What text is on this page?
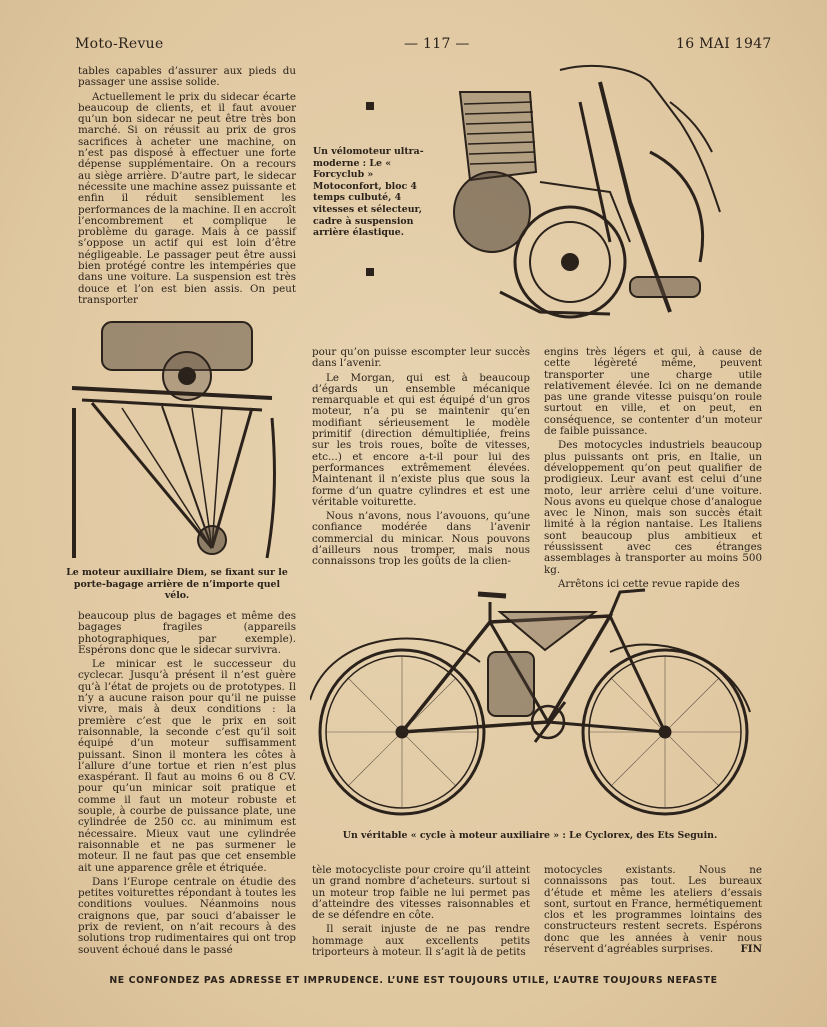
Moto-Revue	— 117 —	16 MAI 1947

tables capables d’assurer aux pieds du passager une assise solide.

Actuellement le prix du sidecar écarte beaucoup de clients, et il faut avouer qu’un bon sidecar ne peut être très bon marché. Si on réussit au prix de gros sacrifices à acheter une machine, on n’est pas disposé à effectuer une forte dépense supplémentaire. On a recours au siège arrière. D’autre part, le sidecar nécessite une machine assez puissante et enfin il réduit sensiblement les performances de la machine. Il en accroît l’encombrement et complique le problème du garage. Mais à ce passif s’oppose un actif qui est loin d’être négligeable. Le passager peut être aussi bien protégé contre les intempéries que dans une voiture. La suspension est très douce et l’on est bien assis. On peut transporter

Un vélomoteur ultra-moderne : Le « Forcyclub » Motoconfort, bloc 4 temps culbuté, 4 vitesses et sélecteur, cadre à suspension arrière élastique.
Le moteur auxiliaire Diem, se fixant sur le porte-bagage arrière de n’importe quel vélo.

pour qu’on puisse escompter leur succès dans l’avenir.

Le Morgan, qui est à beaucoup d’égards un ensemble mécanique remarquable et qui est équipé d’un gros moteur, n’a pu se maintenir qu’en modifiant sérieusement le modèle primitif (direction démultipliée, freins sur les trois roues, boîte de vitesses, etc...) et encore a-t-il pour lui des performances extrêmement élevées. Maintenant il n’existe plus que sous la forme d’un quatre cylindres et est une véritable voiturette.

Nous n’avons, nous l’avouons, qu’une confiance modérée dans l’avenir commercial du minicar. Nous pouvons d’ailleurs nous tromper, mais nous connaissons trop les goûts de la clien-

engins très légers et qui, à cause de cette légèreté même, peuvent transporter une charge utile relativement élevée. Ici on ne demande pas une grande vitesse puisqu’on roule surtout en ville, et on peut, en conséquence, se contenter d’un moteur de faible puissance.

Des motocycles industriels beaucoup plus puissants ont pris, en Italie, un développement qu’on peut qualifier de prodigieux. Leur avant est celui d’une moto, leur arrière celui d’une voiture. Nous avons eu quelque chose d’analogue avec le Ninon, mais son succès était limité à la région nantaise. Les Italiens sont beaucoup plus ambitieux et réussissent avec ces étranges assemblages à transporter au moins 500 kg.

Arrêtons ici cette revue rapide des

beaucoup plus de bagages et même des bagages fragiles (appareils photographiques, par exemple). Espérons donc que le sidecar survivra.

Le minicar est le successeur du cyclecar. Jusqu’à présent il n’est guère qu’à l’état de projets ou de prototypes. Il n’y a aucune raison pour qu’il ne puisse vivre, mais à deux conditions : la première c’est que le prix en soit raisonnable, la seconde c’est qu’il soit équipé d’un moteur suffisamment puissant. Sinon il montera les côtes à l’allure d’une tortue et rien n’est plus exaspérant. Il faut au moins 6 ou 8 CV. pour qu’un minicar soit pratique et comme il faut un moteur robuste et souple, à courbe de puissance plate, une cylindrée de 250 cc. au minimum est nécessaire. Mieux vaut une cylindrée raisonnable et ne pas surmener le moteur. Il ne faut pas que cet ensemble ait une apparence grêle et étriquée.

Dans l’Europe centrale on étudie des petites voiturettes répondant à toutes les conditions voulues. Néanmoins nous craignons que, par souci d’abaisser le prix de revient, on n’ait recours à des solutions trop rudimentaires qui ont trop souvent échoué dans le passé

Un véritable « cycle à moteur auxiliaire » : Le Cyclorex, des Ets Seguin.

tèle motocycliste pour croire qu’il atteint un grand nombre d’acheteurs. surtout si un moteur trop faible ne lui permet pas d’atteindre des vitesses raisonnables et de se défendre en côte.

Il serait injuste de ne pas rendre hommage aux excellents petits triporteurs à moteur. Il s’agit là de petits

motocycles existants. Nous ne connaissons pas tout. Les bureaux d’étude et même les ateliers d’essais sont, surtout en France, hermétiquement clos et les programmes lointains des constructeurs restent secrets. Espérons donc que les années à venir nous réservent d’agréables surprises.	FIN

NE CONFONDEZ PAS ADRESSE ET IMPRUDENCE. L’UNE EST TOUJOURS UTILE, L’AUTRE TOUJOURS NEFASTE
